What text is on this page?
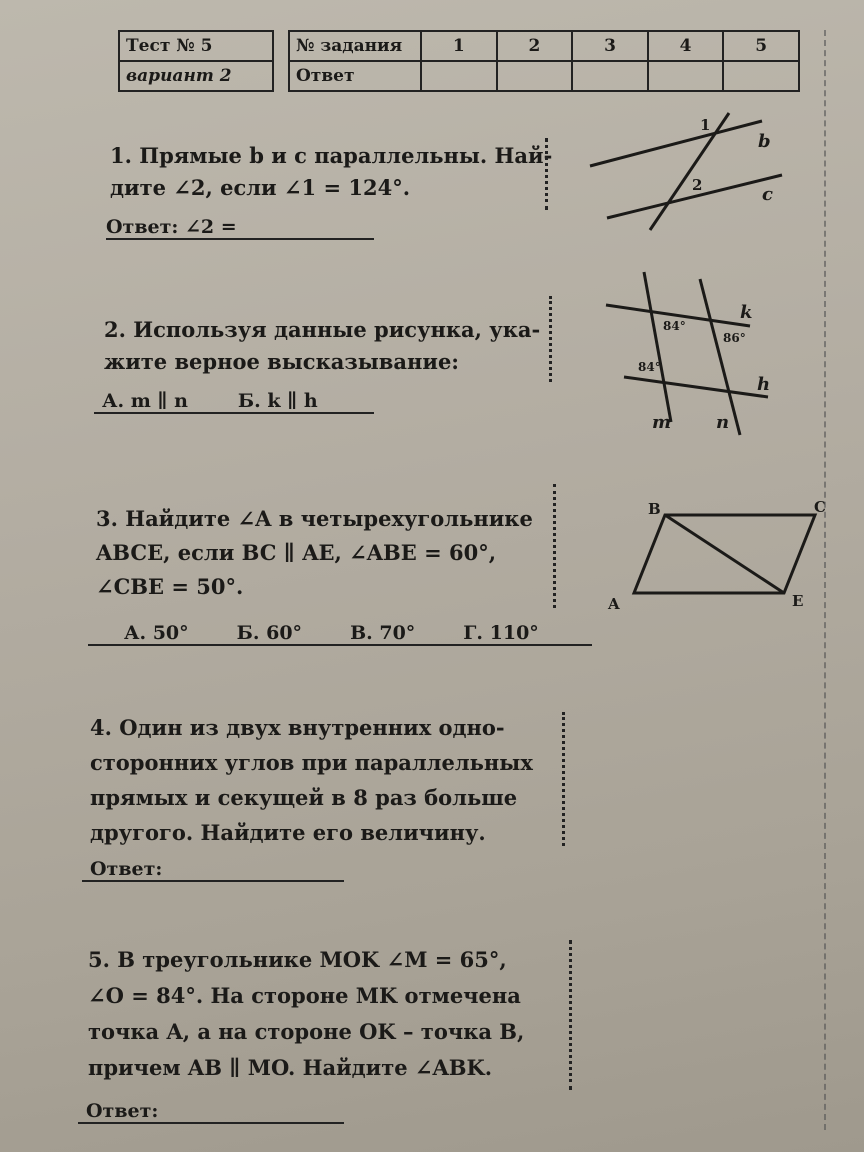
Тест № 5
вариант 2
№ задания	1	2	3	4	5
Ответ					
1. Прямые b и c параллельны. Най-
дите ∠2, если ∠1 = 124°.
Ответ: ∠2 =
1
2
b
c
k
h
m n
84°
86°
84°
B	C
A	E
2. Используя данные рисунка, ука-
жите верное высказывание:
А. m ∥ n	Б. k ∥ h
3. Найдите ∠A в четырехугольнике
ABCE, если BC ∥ AE, ∠ABE = 60°,
∠CBE = 50°.
А. 50°	Б. 60°	В. 70°	Г. 110°
4. Один из двух внутренних одно-
сторонних углов при параллельных
прямых и секущей в 8 раз больше
другого. Найдите его величину.
Ответ:
5. В треугольнике MOK ∠M = 65°,
∠O = 84°. На стороне MK отмечена
точка A, а на стороне OK – точка B,
причем AB ∥ MO. Найдите ∠ABK.
Ответ:
